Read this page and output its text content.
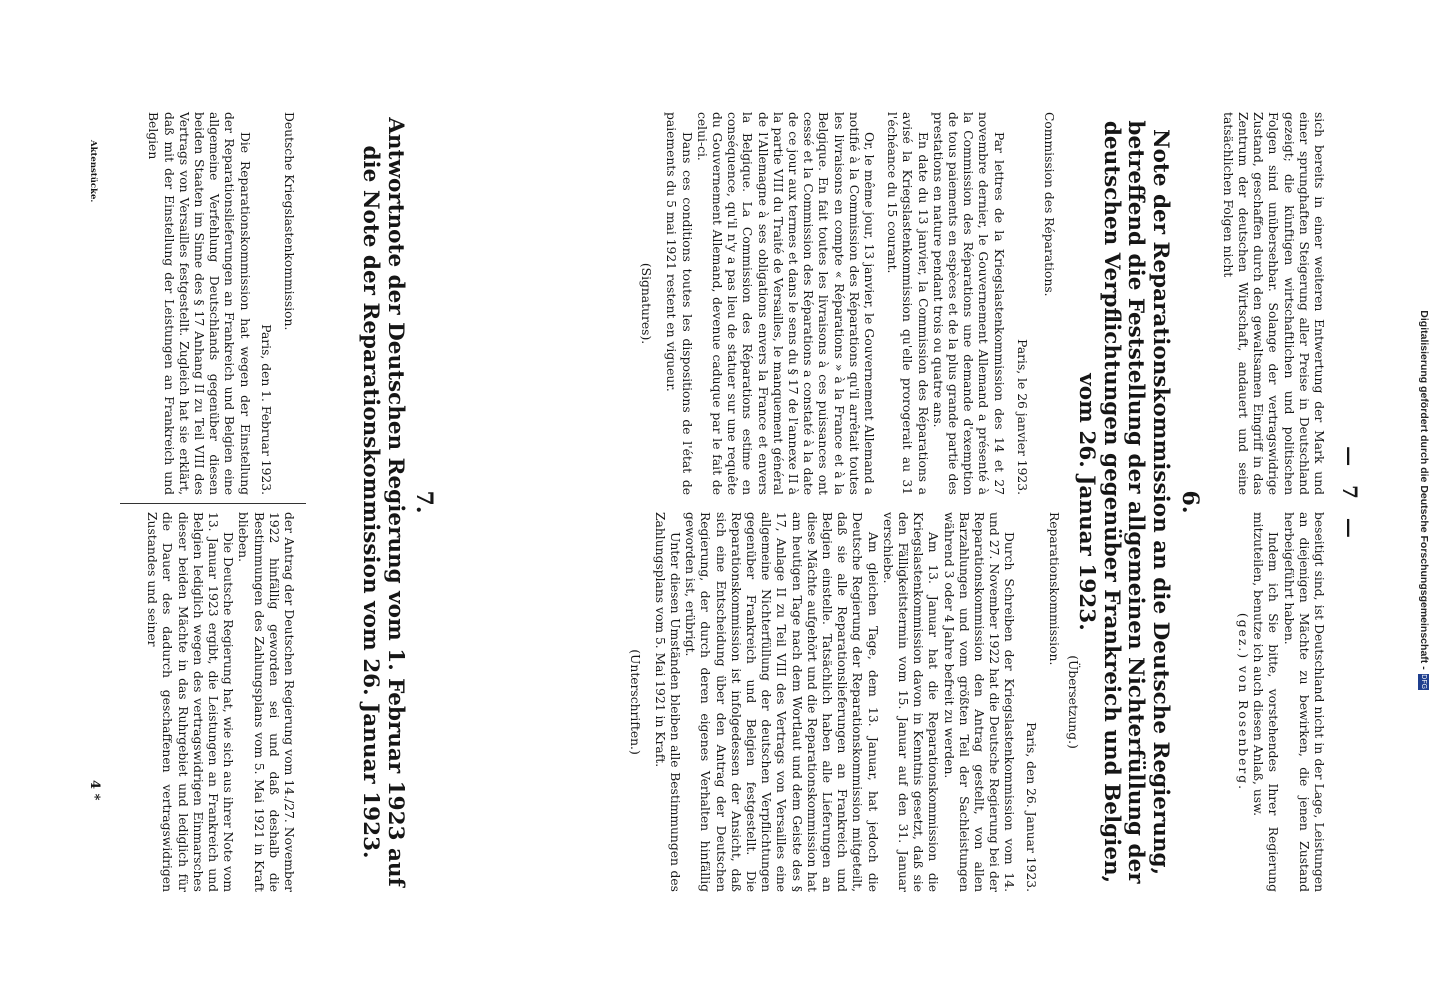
— 7 —

sich bereits in einer weiteren Entwertung der Mark und einer sprunghaften Steigerung aller Preise in Deutschland gezeigt; die künftigen wirtschaftlichen und politischen Folgen sind unübersehbar. Solange der vertragswidrige Zustand, geschaffen durch den gewaltsamen Eingriff in das Zentrum der deutschen Wirtschaft, andauert und seine tatsächlichen Folgen nicht

beseitigt sind, ist Deutschland nicht in der Lage, Leistungen an diejenigen Mächte zu bewirken, die jenen Zustand herbeigeführt haben.

Indem ich Sie bitte, vorstehendes Ihrer Regierung mitzuteilen, benutze ich auch diesen Anlaß, usw.

(gez.) von Rosenberg.

6.
Note der Reparationskommission an die Deutsche Regierung, betreffend die Feststellung der allgemeinen Nichterfüllung der deutschen Verpflichtungen gegenüber Frankreich und Belgien, vom 26. Januar 1923.

Commission des Réparations.

Paris, le 26 janvier 1923.

Par lettres de la Kriegslastenkommission des 14 et 27 novembre dernier, le Gouvernement Allemand a présenté à la Commission des Réparations une demande d'exemption de tous paiements en espèces et de la plus grande partie des prestations en nature pendant trois ou quatre ans.

En date du 13 janvier, la Commission des Réparations a avisé la Kriegslastenkommission qu'elle prorogerait au 31 l'échéance du 15 courant.

Or, le même jour, 13 janvier, le Gouvernement Allemand a notifié à la Commission des Réparations qu'il arrêtait toutes les livraisons en compte « Réparations » à la France et à la Belgique. En fait toutes les livraisons à ces puissances ont cessé et la Commission des Réparations a constaté à la date de ce jour aux termes et dans le sens du § 17 de l'annexe II à la partie VIII du Traité de Versailles, le manquement général de l'Allemagne à ses obligations envers la France et envers la Belgique. La Commission des Réparations estime en conséquence, qu'il n'y a pas lieu de statuer sur une requête du Gouvernement Allemand, devenue caduque par le fait de celui-ci.

Dans ces conditions toutes les dispositions de l'état de paiements du 5 mai 1921 restent en vigueur.

(Signatures).

(Übersetzung.)

Reparationskommission.

Paris, den 26. Januar 1923.

Durch Schreiben der Kriegslastenkommission vom 14. und 27. November 1922 hat die Deutsche Regierung bei der Reparationskommission den Antrag gestellt, von allen Barzahlungen und vom größten Teil der Sachleistungen während 3 oder 4 Jahre befreit zu werden.

Am 13. Januar hat die Reparationskommission die Kriegslastenkommission davon in Kenntnis gesetzt, daß sie den Fälligkeitstermin vom 15. Januar auf den 31. Januar verschiebe.

Am gleichen Tage, dem 13. Januar, hat jedoch die Deutsche Regierung der Reparationskommission mitgeteilt, daß sie alle Reparationslieferungen an Frankreich und Belgien einstelle. Tatsächlich haben alle Lieferungen an diese Mächte aufgehört und die Reparationskommission hat am heutigen Tage nach dem Wortlaut und dem Geiste des § 17, Anlage II zu Teil VIII des Vertrags von Versailles eine allgemeine Nichterfüllung der deutschen Verpflichtungen gegenüber Frankreich und Belgien festgestellt. Die Reparationskommission ist infolgedessen der Ansicht, daß sich eine Entscheidung über den Antrag der Deutschen Regierung, der durch deren eigenes Verhalten hinfällig geworden ist, erübrigt.

Unter diesen Umständen bleiben alle Bestimmungen des Zahlungsplans vom 5. Mai 1921 in Kraft.

(Unterschriften.)

7.
Antwortnote der Deutschen Regierung vom 1. Februar 1923 auf die Note der Reparationskommission vom 26. Januar 1923.

Deutsche Kriegslastenkommission.

Paris, den 1. Februar 1923.

Die Reparationskommission hat wegen der Einstellung der Reparationslieferungen an Frankreich und Belgien eine allgemeine Verfehlung Deutschlands gegenüber diesen beiden Staaten im Sinne des § 17 Anhang II zu Teil VIII des Vertrags von Versailles festgestellt. Zugleich hat sie erklärt, daß mit der Einstellung der Leistungen an Frankreich und Belgien

der Antrag der Deutschen Regierung vom 14./27. November 1922 hinfällig geworden sei und daß deshalb die Bestimmungen des Zahlungsplans vom 5. Mai 1921 in Kraft blieben.

Die Deutsche Regierung hat, wie sich aus ihrer Note vom 13. Januar 1923 ergibt, die Leistungen an Frankreich und Belgien lediglich wegen des vertragswidrigen Einmarsches dieser beiden Mächte in das Ruhrgebiet und lediglich für die Dauer des dadurch geschaffenen vertragswidrigen Zustandes und seiner

Aktenstücke.
4 *
Digitalisierung gefördert durch die Deutsche Forschungsgemeinschaft -
DFG
